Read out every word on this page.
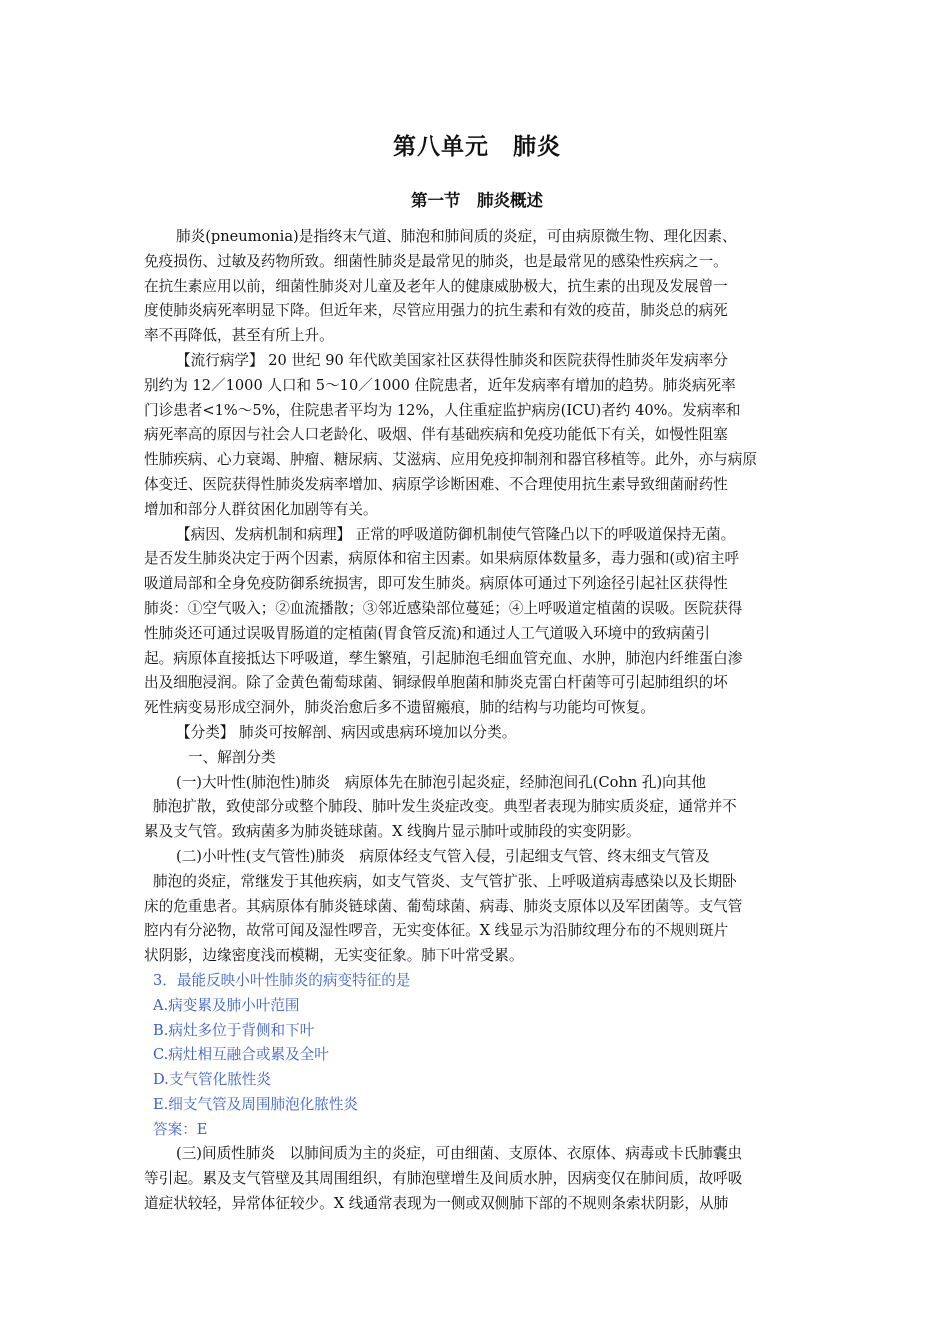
第八单元　肺炎
第一节　肺炎概述
肺炎(pneumonia)是指终末气道、肺泡和肺间质的炎症，可由病原微生物、理化因素、
免疫损伤、过敏及药物所致。细菌性肺炎是最常见的肺炎，也是最常见的感染性疾病之一。
在抗生素应用以前，细菌性肺炎对儿童及老年人的健康威胁极大，抗生素的出现及发展曾一
度使肺炎病死率明显下降。但近年来，尽管应用强力的抗生素和有效的疫苗，肺炎总的病死
率不再降低，甚至有所上升。
【流行病学】 20 世纪 90 年代欧美国家社区获得性肺炎和医院获得性肺炎年发病率分
别约为 12／1000 人口和 5～10／1000 住院患者，近年发病率有增加的趋势。肺炎病死率
门诊患者<1%～5%，住院患者平均为 12%，人住重症监护病房(ICU)者约 40%。发病率和
病死率高的原因与社会人口老龄化、吸烟、伴有基础疾病和免疫功能低下有关，如慢性阻塞
性肺疾病、心力衰竭、肿瘤、糖尿病、艾滋病、应用免疫抑制剂和器官移植等。此外，亦与病原
体变迁、医院获得性肺炎发病率增加、病原学诊断困难、不合理使用抗生素导致细菌耐药性
增加和部分人群贫困化加剧等有关。
【病因、发病机制和病理】 正常的呼吸道防御机制使气管隆凸以下的呼吸道保持无菌。
是否发生肺炎决定于两个因素，病原体和宿主因素。如果病原体数量多，毒力强和(或)宿主呼
吸道局部和全身免疫防御系统损害，即可发生肺炎。病原体可通过下列途径引起社区获得性
肺炎：①空气吸入；②血流播散；③邻近感染部位蔓延；④上呼吸道定植菌的误吸。医院获得
性肺炎还可通过误吸胃肠道的定植菌(胃食管反流)和通过人工气道吸入环境中的致病菌引
起。病原体直接抵达下呼吸道，孳生繁殖，引起肺泡毛细血管充血、水肿，肺泡内纤维蛋白渗
出及细胞浸润。除了金黄色葡萄球菌、铜绿假单胞菌和肺炎克雷白杆菌等可引起肺组织的坏
死性病变易形成空洞外，肺炎治愈后多不遗留瘢痕，肺的结构与功能均可恢复。
【分类】 肺炎可按解剖、病因或患病环境加以分类。
一、解剖分类
(一)大叶性(肺泡性)肺炎　病原体先在肺泡引起炎症，经肺泡间孔(Cohn 孔)向其他
肺泡扩散，致使部分或整个肺段、肺叶发生炎症改变。典型者表现为肺实质炎症，通常并不
累及支气管。致病菌多为肺炎链球菌。X 线胸片显示肺叶或肺段的实变阴影。
(二)小叶性(支气管性)肺炎　病原体经支气管入侵，引起细支气管、终末细支气管及
肺泡的炎症，常继发于其他疾病，如支气管炎、支气管扩张、上呼吸道病毒感染以及长期卧
床的危重患者。其病原体有肺炎链球菌、葡萄球菌、病毒、肺炎支原体以及军团菌等。支气管
腔内有分泌物，故常可闻及湿性啰音，无实变体征。X 线显示为沿肺纹理分布的不规则斑片
状阴影，边缘密度浅而模糊，无实变征象。肺下叶常受累。
3．最能反映小叶性肺炎的病变特征的是
A.病变累及肺小叶范围
B.病灶多位于背侧和下叶
C.病灶相互融合或累及全叶
D.支气管化脓性炎
E.细支气管及周围肺泡化脓性炎
答案：E
(三)间质性肺炎　以肺间质为主的炎症，可由细菌、支原体、衣原体、病毒或卡氏肺囊虫
等引起。累及支气管壁及其周围组织，有肺泡壁增生及间质水肿，因病变仅在肺间质，故呼吸
道症状较轻，异常体征较少。X 线通常表现为一侧或双侧肺下部的不规则条索状阴影，从肺
